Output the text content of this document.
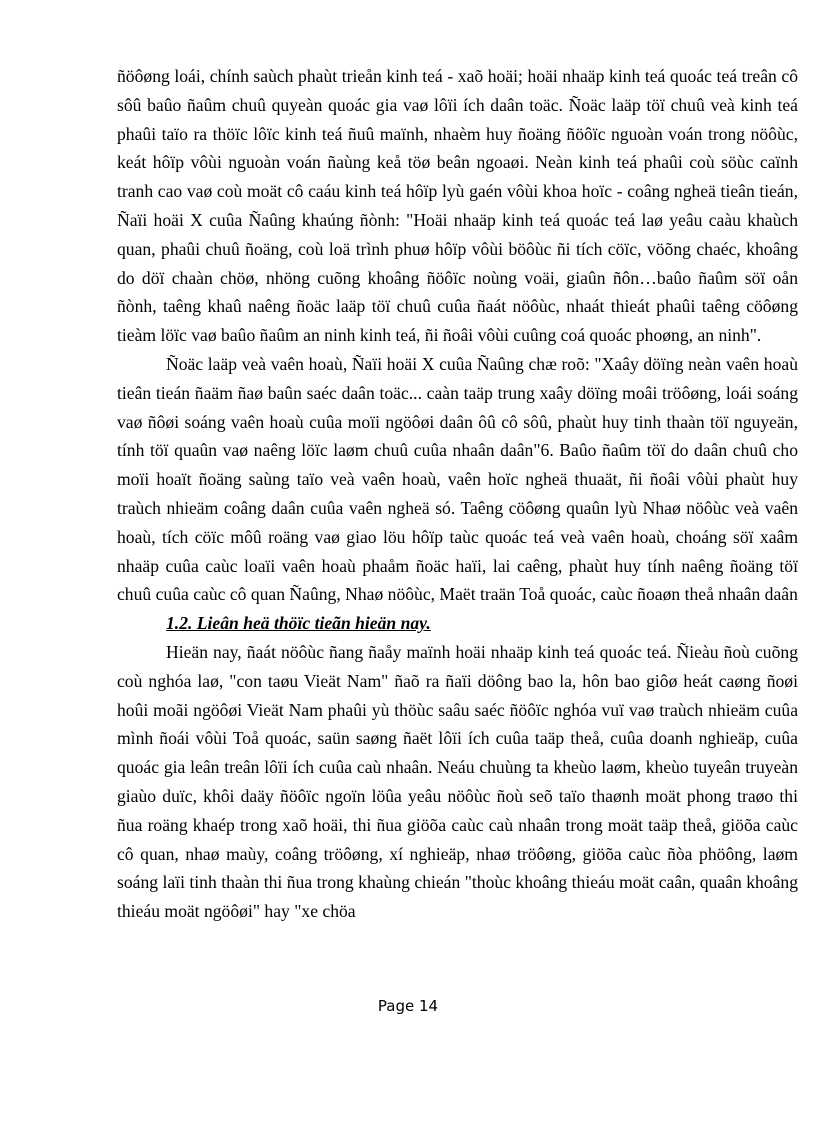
ñöôøng loái, chính saùch phaùt trieån kinh teá - xaõ hoäi; hoäi nhaäp kinh teá quoác teá treân cô sôû baûo ñaûm chuû quyeàn quoác gia vaø lôïi ích daân toäc. Ñoäc laäp töï chuû veà kinh teá phaûi taïo ra thöïc lôïc kinh teá ñuû maïnh, nhaèm huy ñoäng ñöôïc nguoàn voán trong nöôùc, keát hôïp vôùi nguoàn voán ñaùng keå töø beân ngoaøi. Neàn kinh teá phaûi coù söùc caïnh tranh cao vaø coù moät cô caáu kinh teá hôïp lyù gaén vôùi khoa hoïc - coâng ngheä tieân tieán, Ñaïi hoäi X cuûa Ñaûng khaúng ñònh: "Hoäi nhaäp kinh teá quoác teá laø yeâu caàu khaùch quan, phaûi chuû ñoäng, coù loä trình phuø hôïp vôùi böôùc ñi tích cöïc, vöõng chaéc, khoâng do döï chaàn chöø, nhöng cuõng khoâng ñöôïc noùng voäi, giaûn ñôn…baûo ñaûm söï oån ñònh, taêng khaû naêng ñoäc laäp töï chuû cuûa ñaát nöôùc, nhaát thieát phaûi taêng cöôøng tieàm löïc vaø baûo ñaûm an ninh kinh teá, ñi ñoâi vôùi cuûng coá quoác phoøng, an ninh".

Ñoäc laäp veà vaên hoaù, Ñaïi hoäi X cuûa Ñaûng chæ roõ: "Xaây döïng neàn vaên hoaù tieân tieán ñaäm ñaø baûn saéc daân toäc... caàn taäp trung xaây döïng moâi tröôøng, loái soáng vaø ñôøi soáng vaên hoaù cuûa moïi ngöôøi daân ôû cô sôû, phaùt huy tinh thaàn töï nguyeän, tính töï quaûn vaø naêng löïc laøm chuû cuûa nhaân daân"6. Baûo ñaûm töï do daân chuû cho moïi hoaït ñoäng saùng taïo veà vaên hoaù, vaên hoïc ngheä thuaät, ñi ñoâi vôùi phaùt huy traùch nhieäm coâng daân cuûa vaên ngheä só. Taêng cöôøng quaûn lyù Nhaø nöôùc veà vaên hoaù, tích cöïc môû roäng vaø giao löu hôïp taùc quoác teá veà vaên hoaù, choáng söï xaâm nhaäp cuûa caùc loaïi vaên hoaù phaåm ñoäc haïi, lai caêng, phaùt huy tính naêng ñoäng töï chuû cuûa caùc cô quan Ñaûng, Nhaø nöôùc, Maët traän Toå quoác, caùc ñoaøn theå nhaân daân

1.2. Lieân heä thöïc tieãn hieän nay.

Hieän nay, ñaát nöôùc ñang ñaåy maïnh hoäi nhaäp kinh teá quoác teá. Ñieàu ñoù cuõng coù nghóa laø, "con taøu Vieät Nam" ñaõ ra ñaïi döông bao la, hôn bao giôø heát caøng ñoøi hoûi moãi ngöôøi Vieät Nam phaûi yù thöùc saâu saéc ñöôïc nghóa vuï vaø traùch nhieäm cuûa mình ñoái vôùi Toå quoác, saün saøng ñaët lôïi ích cuûa taäp theå, cuûa doanh nghieäp, cuûa quoác gia leân treân lôïi ích cuûa caù nhaân. Neáu chuùng ta kheùo laøm, kheùo tuyeân truyeàn giaùo duïc, khôi daäy ñöôïc ngoïn löûa yeâu nöôùc ñoù seõ taïo thaønh moät phong traøo thi ñua roäng khaép trong xaõ hoäi, thi ñua giöõa caùc caù nhaân trong moät taäp theå, giöõa caùc cô quan, nhaø maùy, coâng tröôøng, xí nghieäp, nhaø tröôøng, giöõa caùc ñòa phöông, laøm soáng laïi tinh thaàn thi ñua trong khaùng chieán "thoùc khoâng thieáu moät caân, quaân khoâng thieáu moät ngöôøi" hay "xe chöa

Page 14
